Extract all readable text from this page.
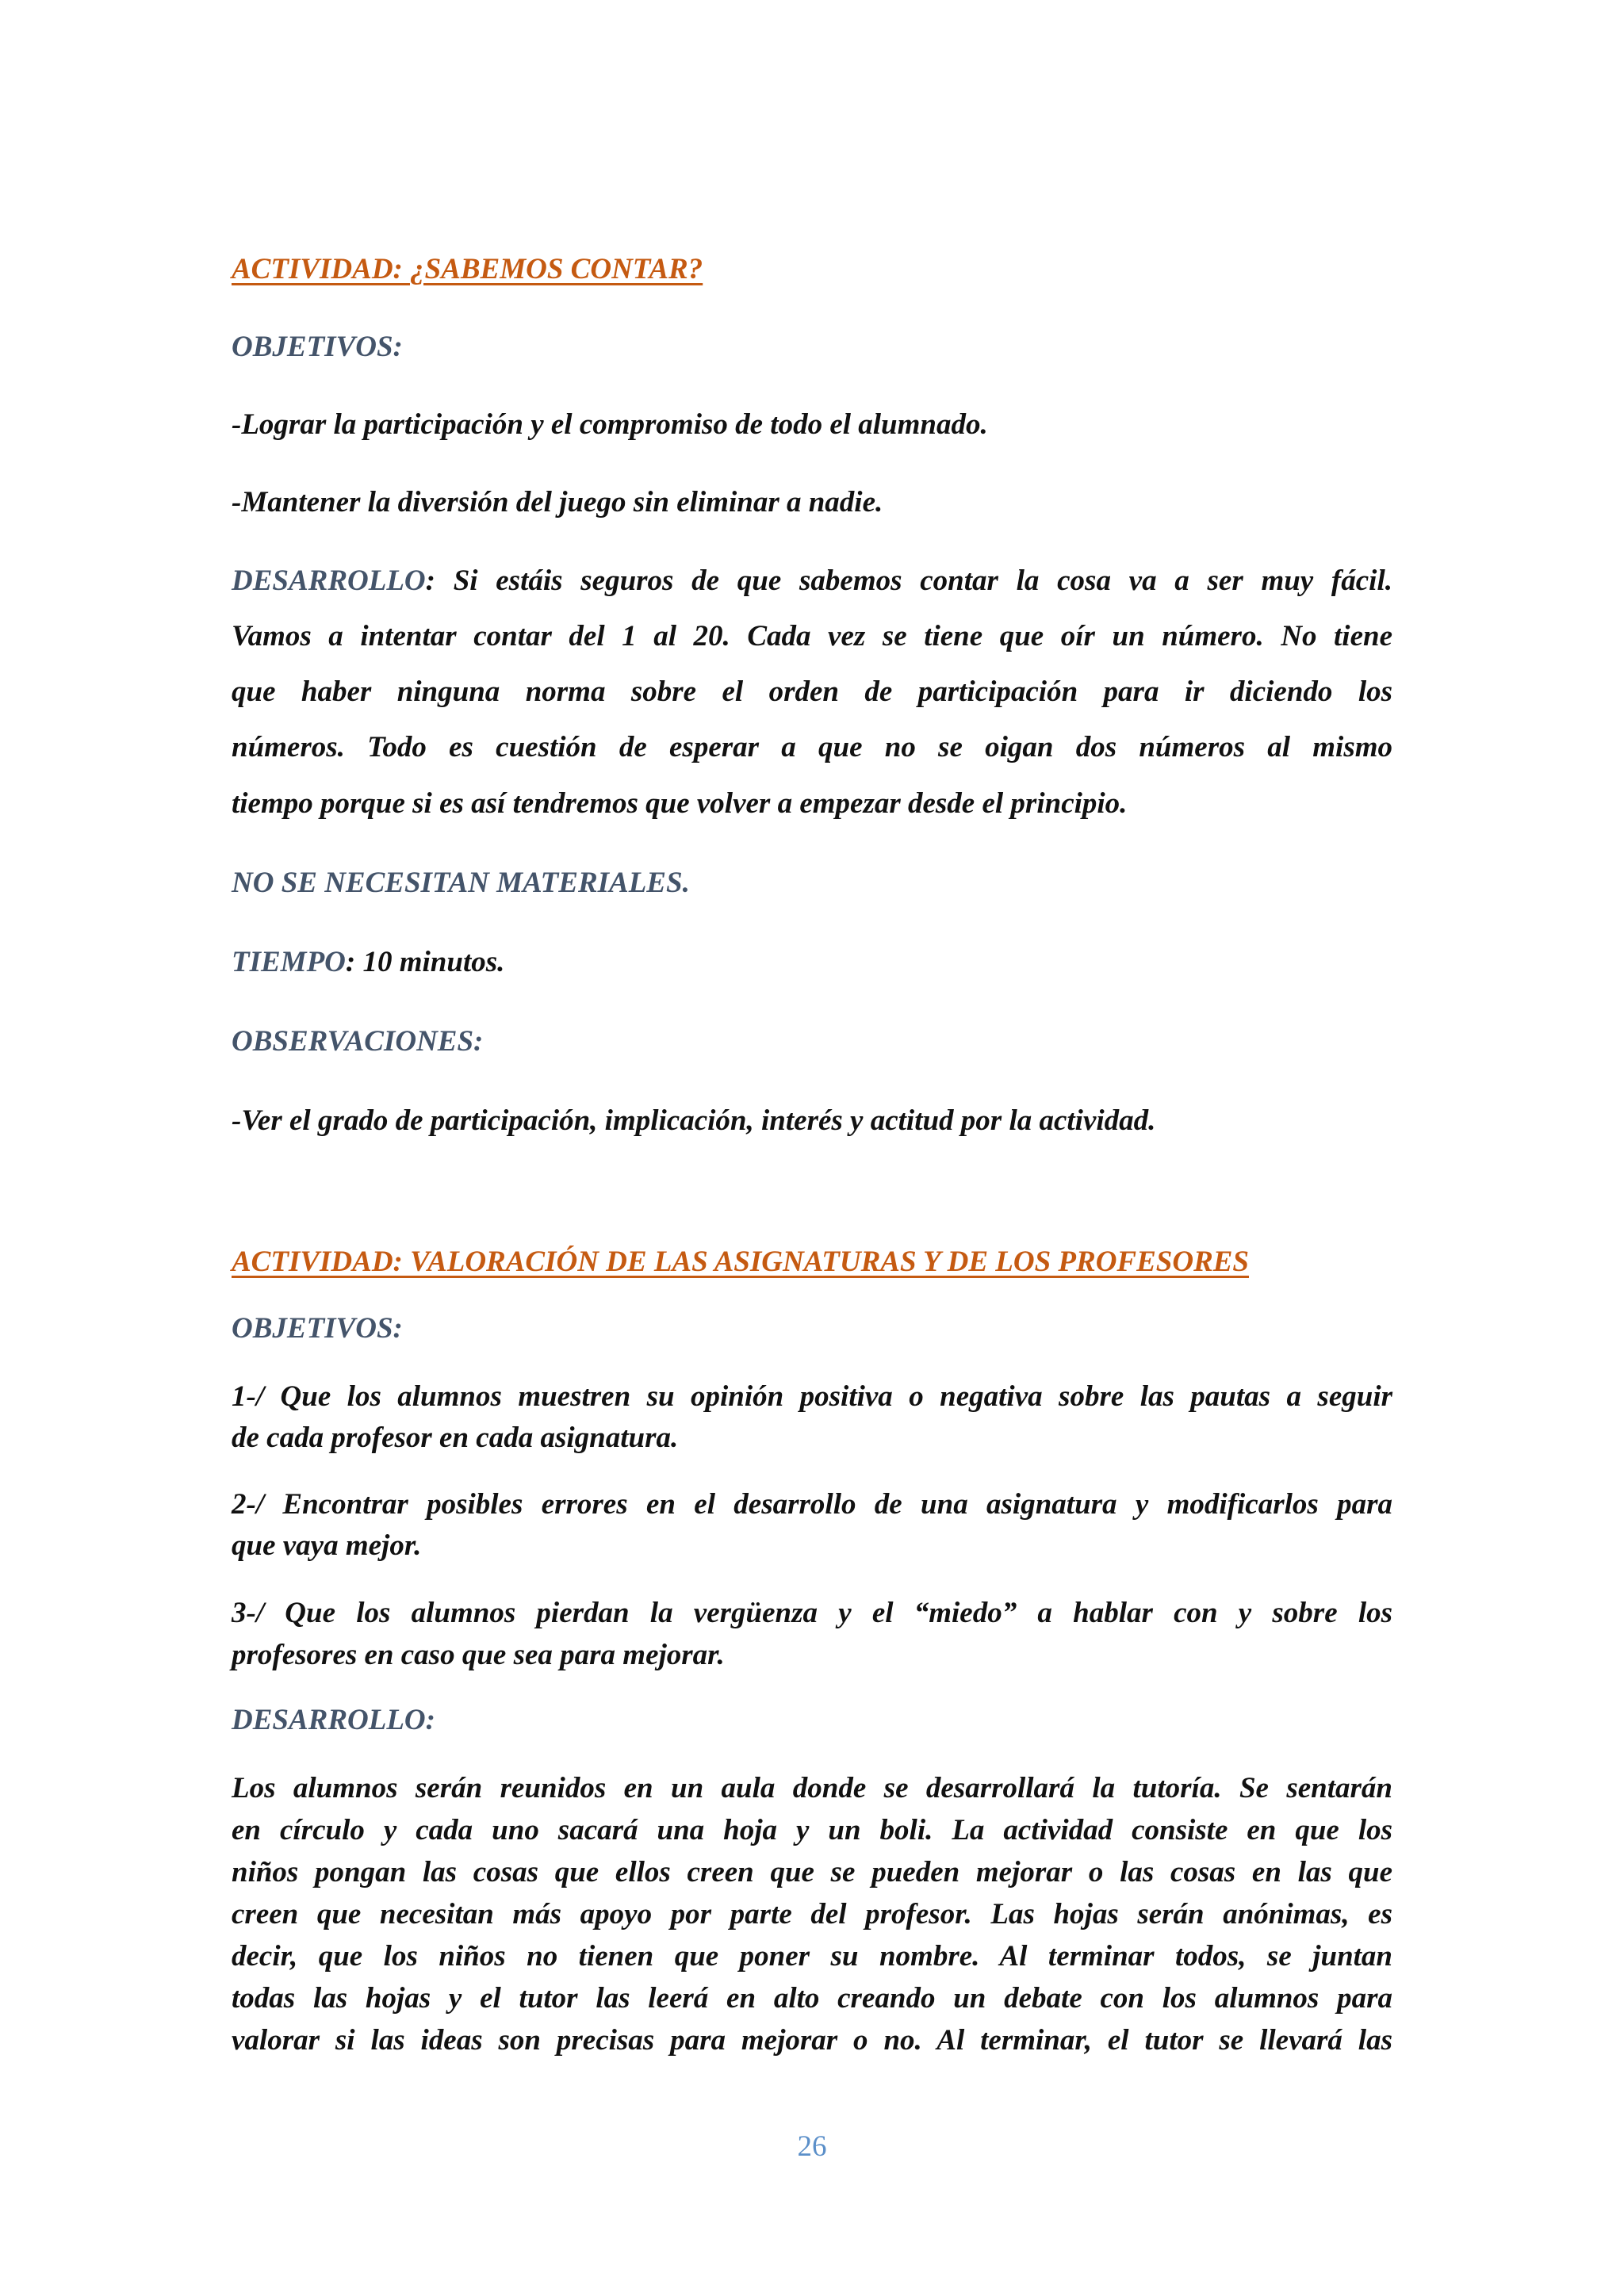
ACTIVIDAD: ¿SABEMOS CONTAR?

OBJETIVOS:

-Lograr la participación y el compromiso de todo el alumnado.

-Mantener la diversión del juego sin eliminar a nadie.

DESARROLLO: Si estáis seguros de que sabemos contar la cosa va a ser muy fácil.

Vamos a intentar contar del 1 al 20. Cada vez se tiene que oír un número. No tiene

que haber ninguna norma sobre el orden de participación para ir diciendo los

números. Todo es cuestión de esperar a que no se oigan dos números al mismo

tiempo porque si es así tendremos que volver a empezar desde el principio.

NO SE NECESITAN MATERIALES.

TIEMPO: 10 minutos.

OBSERVACIONES:

-Ver el grado de participación, implicación, interés y actitud por la actividad.

ACTIVIDAD: VALORACIÓN DE LAS ASIGNATURAS Y DE LOS PROFESORES

OBJETIVOS:

1-/ Que los alumnos muestren su opinión positiva o negativa sobre las pautas a seguir

de cada profesor en cada asignatura.

2-/ Encontrar posibles errores en el desarrollo de una asignatura y modificarlos para

que vaya mejor.

3-/ Que los alumnos pierdan la vergüenza y el “miedo” a hablar con y sobre los

profesores en caso que sea para mejorar.

DESARROLLO:

Los alumnos serán reunidos en un aula donde se desarrollará la tutoría. Se sentarán

en círculo y cada uno sacará una hoja y un boli. La actividad consiste en que los

niños pongan las cosas que ellos creen que se pueden mejorar o las cosas en las que

creen que necesitan más apoyo por parte del profesor. Las hojas serán anónimas, es

decir, que los niños no tienen que poner su nombre. Al terminar todos, se juntan

todas las hojas y el tutor las leerá en alto creando un debate con los alumnos para

valorar si las ideas son precisas para mejorar o no. Al terminar, el tutor se llevará las

26
